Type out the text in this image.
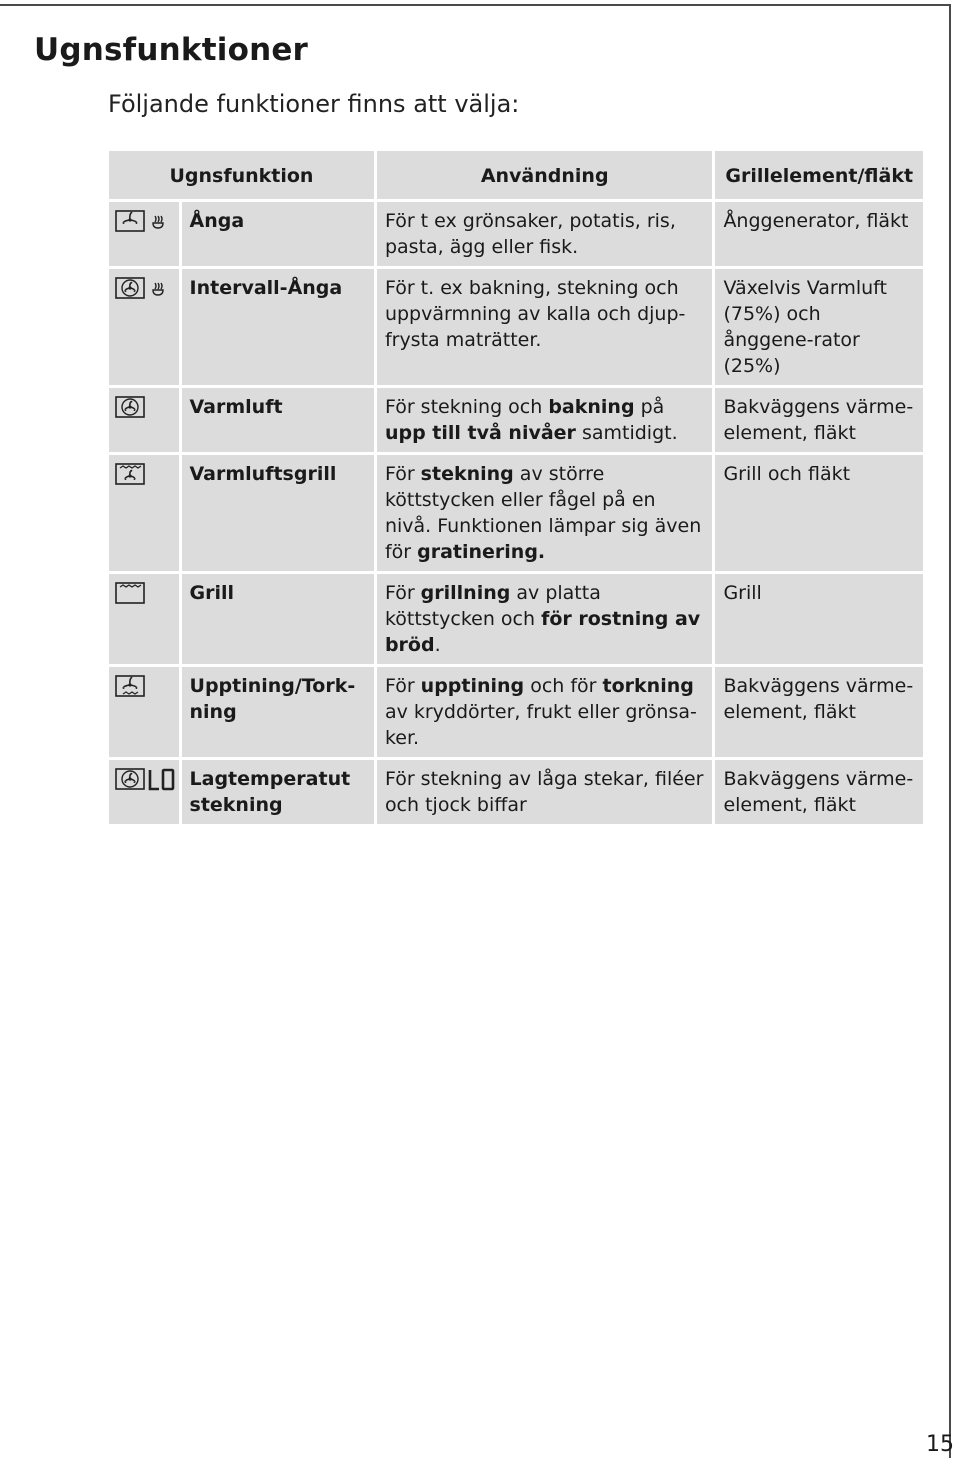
Ugnsfunktioner
Följande funktioner finns att välja:
Ugnsfunktion		Användning	Grillelement/fläkt

	Ånga	För t ex grönsaker, potatis, ris, pasta, ägg eller fisk.	Ånggenerator, fläkt

	Intervall-Ånga	För t. ex bakning, stekning och uppvärmning av kalla och djup-frysta maträtter.	Växelvis Varmluft (75%) och ånggene-rator (25%)

	Varmluft	För stekning och bakning på upp till två nivåer samtidigt.	Bakväggens värme-element, fläkt

	Varmluftsgrill	För stekning av större köttstycken eller fågel på en nivå. Funktionen lämpar sig även för gratinering.	Grill och fläkt

	Grill	För grillning av platta köttstycken och för rostning av bröd.	Grill

	Upptining/Tork-ning	För upptining och för torkning av kryddörter, frukt eller grönsa-ker.	Bakväggens värme-element, fläkt

	Lagtemperatut stekning	För stekning av låga stekar, filéer och tjock biffar	Bakväggens värme-element, fläkt
15
